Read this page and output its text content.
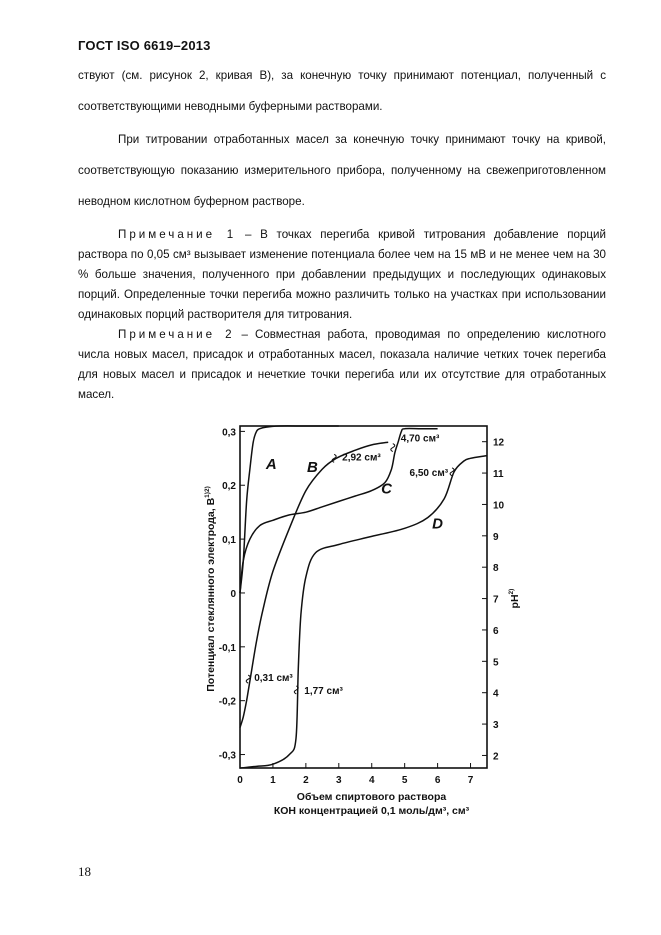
ГОСТ ISO 6619–2013

ствуют (см. рисунок 2, кривая B), за конечную точку принимают потенциал, полученный с соответствующими неводными буферными растворами.

При титровании отработанных масел за конечную точку принимают точку на кривой, соответствующую показанию измерительного прибора, полученному на свежеприготовленном неводном кислотном буферном растворе.

Примечание 1 – В точках перегиба кривой титрования добавление порций раствора по 0,05 см³ вызывает изменение потенциала более чем на 15 мВ и не менее чем на 30 % больше значения, полученного при добавлении предыдущих и последующих одинаковых порций. Определенные точки перегиба можно различить только на участках при использовании одинаковых порций растворителя для титрования.

Примечание 2 – Совместная работа, проводимая по определению кислотного числа новых масел, присадок и отработанных масел, показала наличие четких точек перегиба для новых масел и присадок и нечеткие точки перегиба или их отсутствие для отработанных масел.

0	1	2	3	4	5	6	7
0,3
0,2
0,1
0
-0,1
-0,2
-0,3
12
11
10
9
8
7
6
5
4
3
2
A B
C
D
0,31 см³
1,77 см³
2,92 см³
4,70 см³
6,50 см³
Потенциал стеклянного электрода, $В^{1)2)}$
$pH^{2)}$
Объем спиртового раствора
КОН концентрацией 0,1 моль/дм³, см³
18
